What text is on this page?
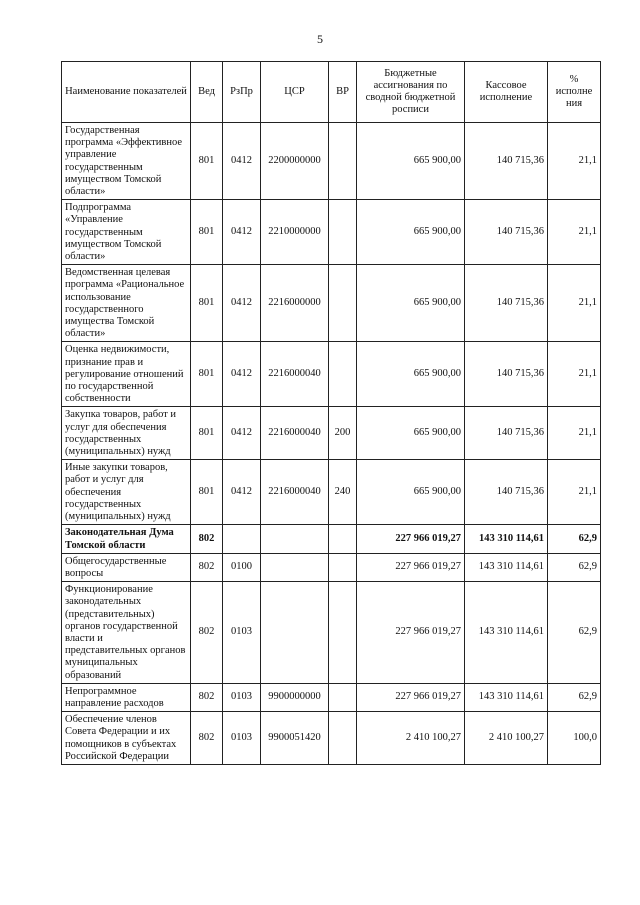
5
Наименование показателей	Вед	РзПр	ЦСР	ВР	Бюджетные ассигнования по сводной бюджетной росписи	Кассовое исполнение	% исполне ния
Государственная программа «Эффективное управление государственным имуществом Томской области»	801	0412	2200000000		665 900,00	140 715,36	21,1
Подпрограмма «Управление государственным имуществом Томской области»	801	0412	2210000000		665 900,00	140 715,36	21,1
Ведомственная целевая программа «Рациональное использование государственного имущества Томской области»	801	0412	2216000000		665 900,00	140 715,36	21,1
Оценка недвижимости, признание прав и регулирование отношений по государственной собственности	801	0412	2216000040		665 900,00	140 715,36	21,1
Закупка товаров, работ и услуг для обеспечения государственных (муниципальных) нужд	801	0412	2216000040	200	665 900,00	140 715,36	21,1
Иные закупки товаров, работ и услуг для обеспечения государственных (муниципальных) нужд	801	0412	2216000040	240	665 900,00	140 715,36	21,1
Законодательная Дума Томской области	802				227 966 019,27	143 310 114,61	62,9
Общегосударственные вопросы	802	0100			227 966 019,27	143 310 114,61	62,9
Функционирование законодательных (представительных) органов государственной власти и представительных органов муниципальных образований	802	0103			227 966 019,27	143 310 114,61	62,9
Непрограммное направление расходов	802	0103	9900000000		227 966 019,27	143 310 114,61	62,9
Обеспечение членов Совета Федерации и их помощников в субъектах Российской Федерации	802	0103	9900051420		2 410 100,27	2 410 100,27	100,0
